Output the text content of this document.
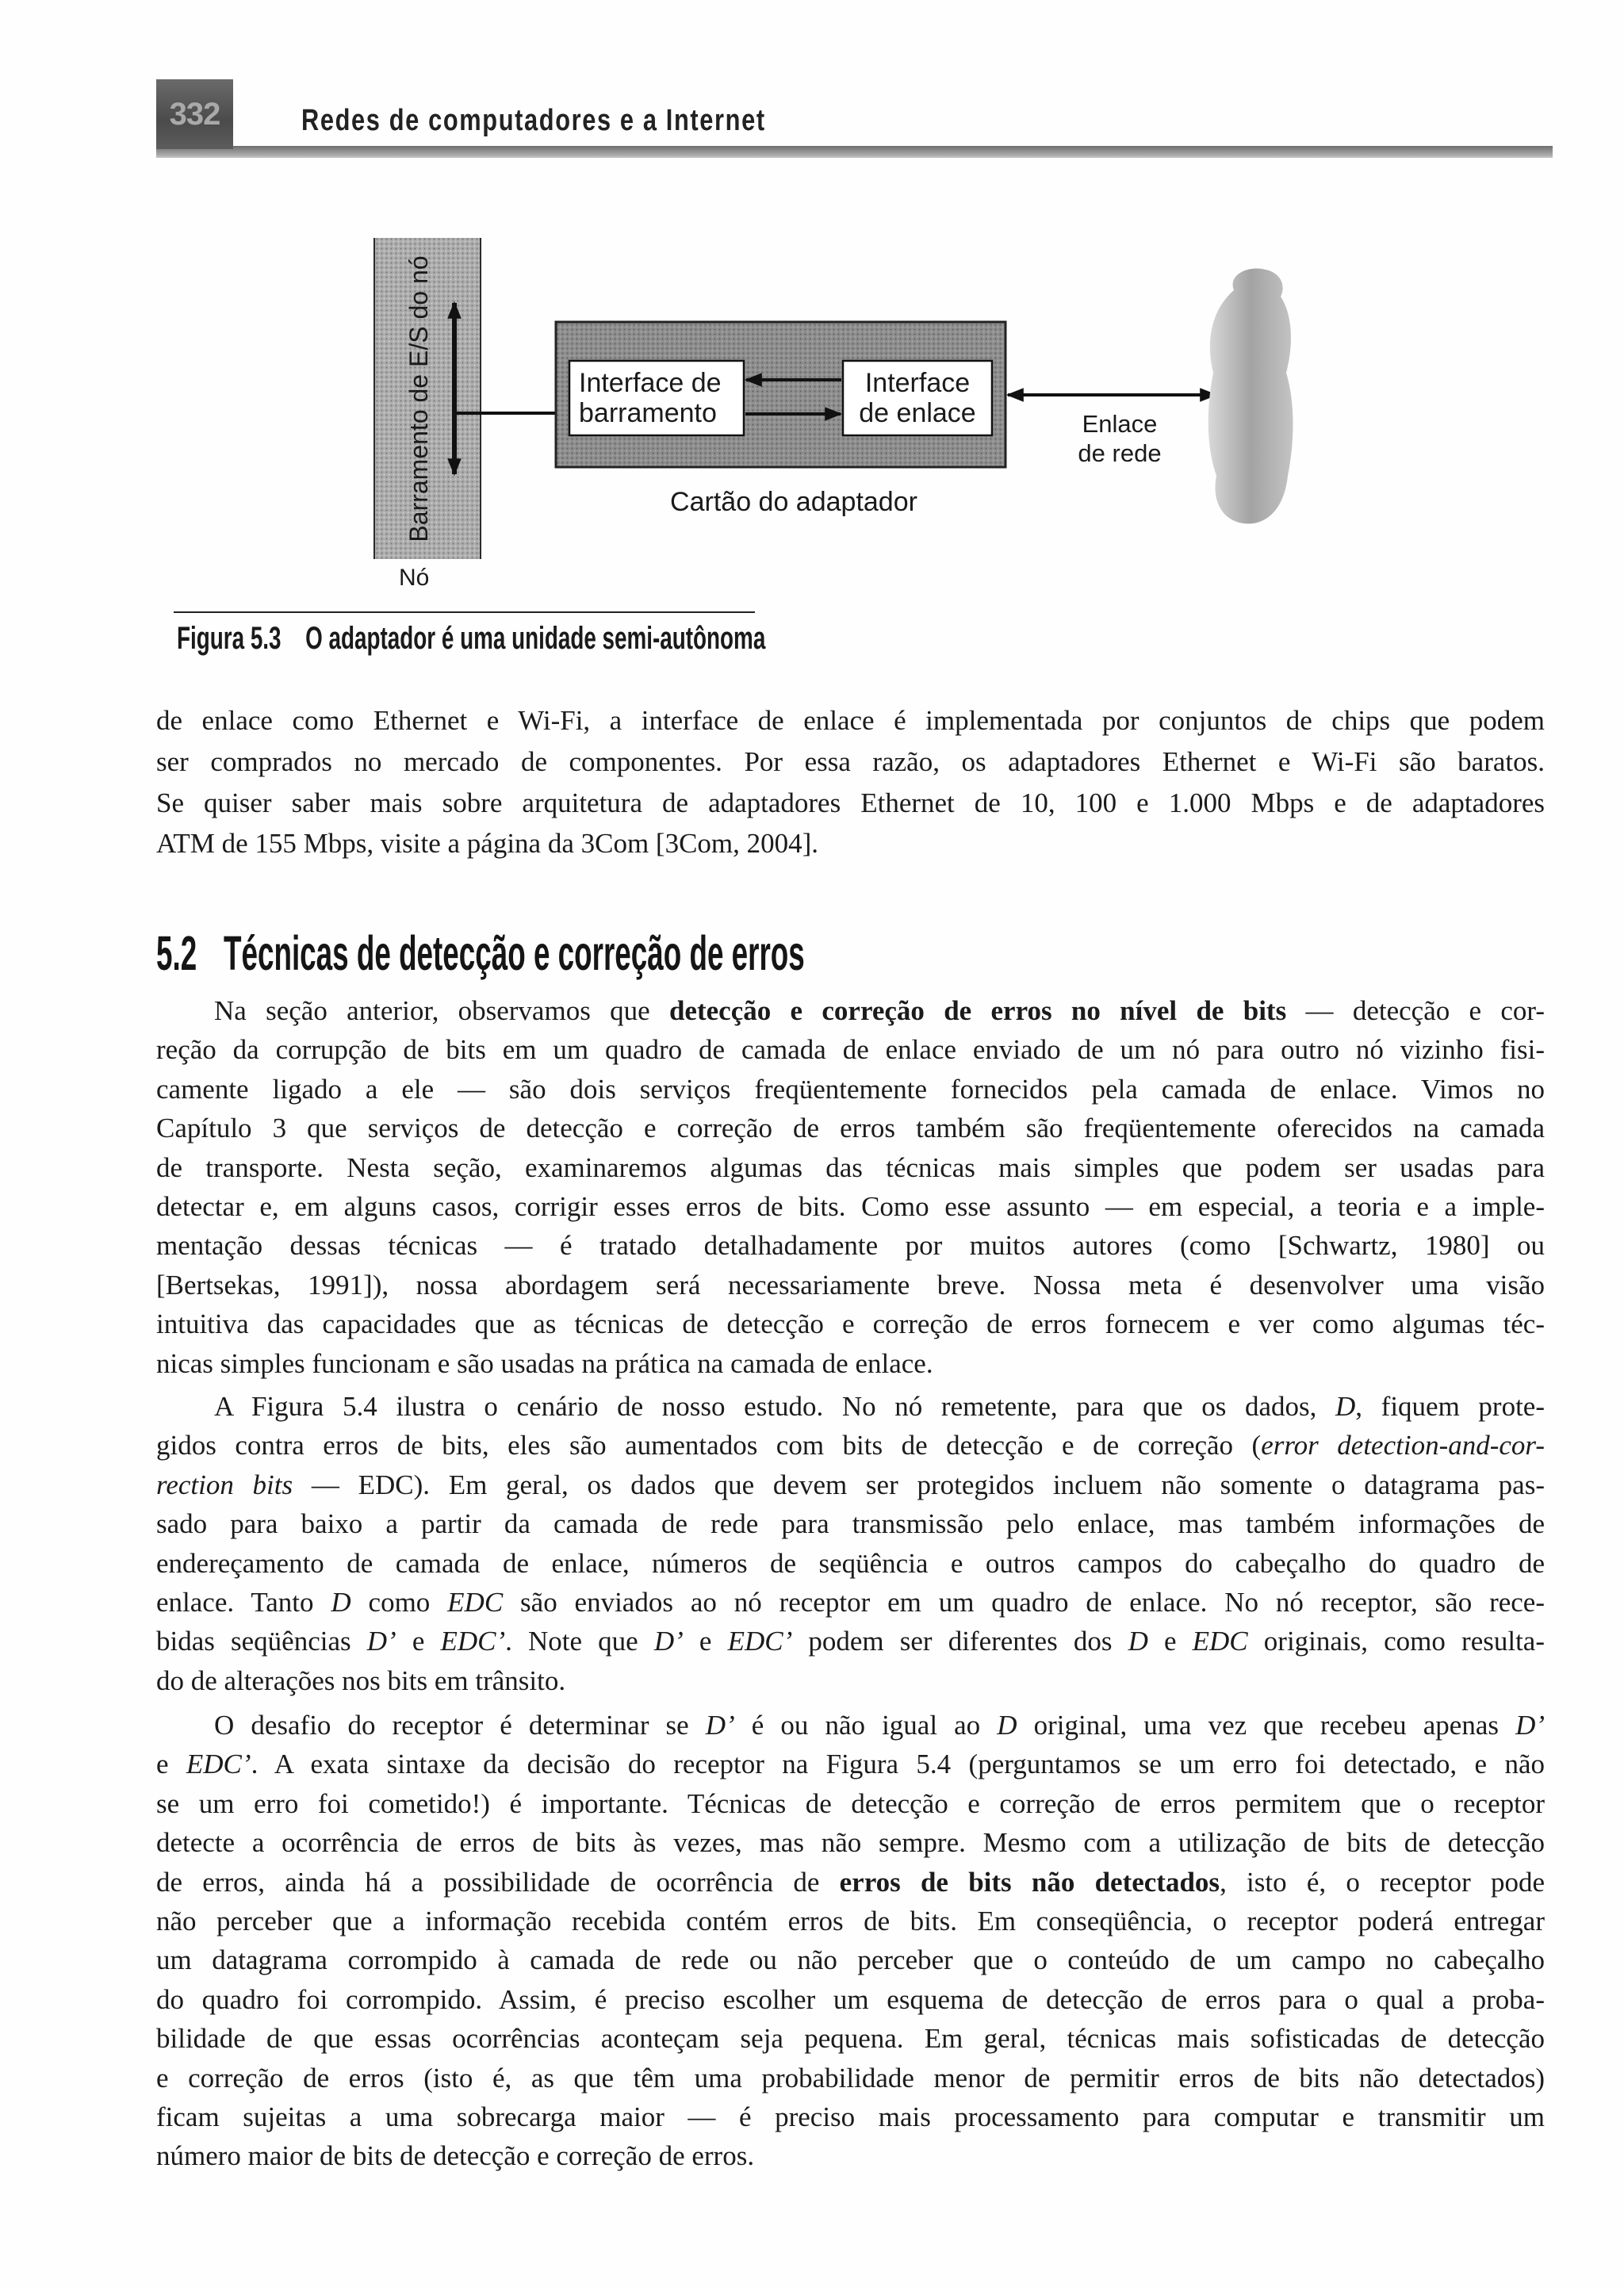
332	Redes de computadores e a Internet
Barramento de E/S do nó	Interface de
barramento
Interface
de enlace
Cartão do adaptador
Enlace
de rede
Nó
Figura 5.3 O adaptador é uma unidade semi-autônoma
de enlace como Ethernet e Wi-Fi, a interface de enlace é implementada por conjuntos de chips que podem
ser comprados no mercado de componentes. Por essa razão, os adaptadores Ethernet e Wi-Fi são baratos.
Se quiser saber mais sobre arquitetura de adaptadores Ethernet de 10, 100 e 1.000 Mbps e de adaptadores
ATM de 155 Mbps, visite a página da 3Com [3Com, 2004].
5.2 Técnicas de detecção e correção de erros
Na seção anterior, observamos que detecção e correção de erros no nível de bits — detecção e cor-
reção da corrupção de bits em um quadro de camada de enlace enviado de um nó para outro nó vizinho fisi-
camente ligado a ele — são dois serviços freqüentemente fornecidos pela camada de enlace. Vimos no
Capítulo 3 que serviços de detecção e correção de erros também são freqüentemente oferecidos na camada
de transporte. Nesta seção, examinaremos algumas das técnicas mais simples que podem ser usadas para
detectar e, em alguns casos, corrigir esses erros de bits. Como esse assunto — em especial, a teoria e a imple-
mentação dessas técnicas — é tratado detalhadamente por muitos autores (como [Schwartz, 1980] ou
[Bertsekas, 1991]), nossa abordagem será necessariamente breve. Nossa meta é desenvolver uma visão
intuitiva das capacidades que as técnicas de detecção e correção de erros fornecem e ver como algumas téc-
nicas simples funcionam e são usadas na prática na camada de enlace.
A Figura 5.4 ilustra o cenário de nosso estudo. No nó remetente, para que os dados, D, fiquem prote-
gidos contra erros de bits, eles são aumentados com bits de detecção e de correção (error detection-and-cor-
rection bits — EDC). Em geral, os dados que devem ser protegidos incluem não somente o datagrama pas-
sado para baixo a partir da camada de rede para transmissão pelo enlace, mas também informações de
endereçamento de camada de enlace, números de seqüência e outros campos do cabeçalho do quadro de
enlace. Tanto D como EDC são enviados ao nó receptor em um quadro de enlace. No nó receptor, são rece-
bidas seqüências D’ e EDC’. Note que D’ e EDC’ podem ser diferentes dos D e EDC originais, como resulta-
do de alterações nos bits em trânsito.
O desafio do receptor é determinar se D’ é ou não igual ao D original, uma vez que recebeu apenas D’
e EDC’. A exata sintaxe da decisão do receptor na Figura 5.4 (perguntamos se um erro foi detectado, e não
se um erro foi cometido!) é importante. Técnicas de detecção e correção de erros permitem que o receptor
detecte a ocorrência de erros de bits às vezes, mas não sempre. Mesmo com a utilização de bits de detecção
de erros, ainda há a possibilidade de ocorrência de erros de bits não detectados, isto é, o receptor pode
não perceber que a informação recebida contém erros de bits. Em conseqüência, o receptor poderá entregar
um datagrama corrompido à camada de rede ou não perceber que o conteúdo de um campo no cabeçalho
do quadro foi corrompido. Assim, é preciso escolher um esquema de detecção de erros para o qual a proba-
bilidade de que essas ocorrências aconteçam seja pequena. Em geral, técnicas mais sofisticadas de detecção
e correção de erros (isto é, as que têm uma probabilidade menor de permitir erros de bits não detectados)
ficam sujeitas a uma sobrecarga maior — é preciso mais processamento para computar e transmitir um
número maior de bits de detecção e correção de erros.
